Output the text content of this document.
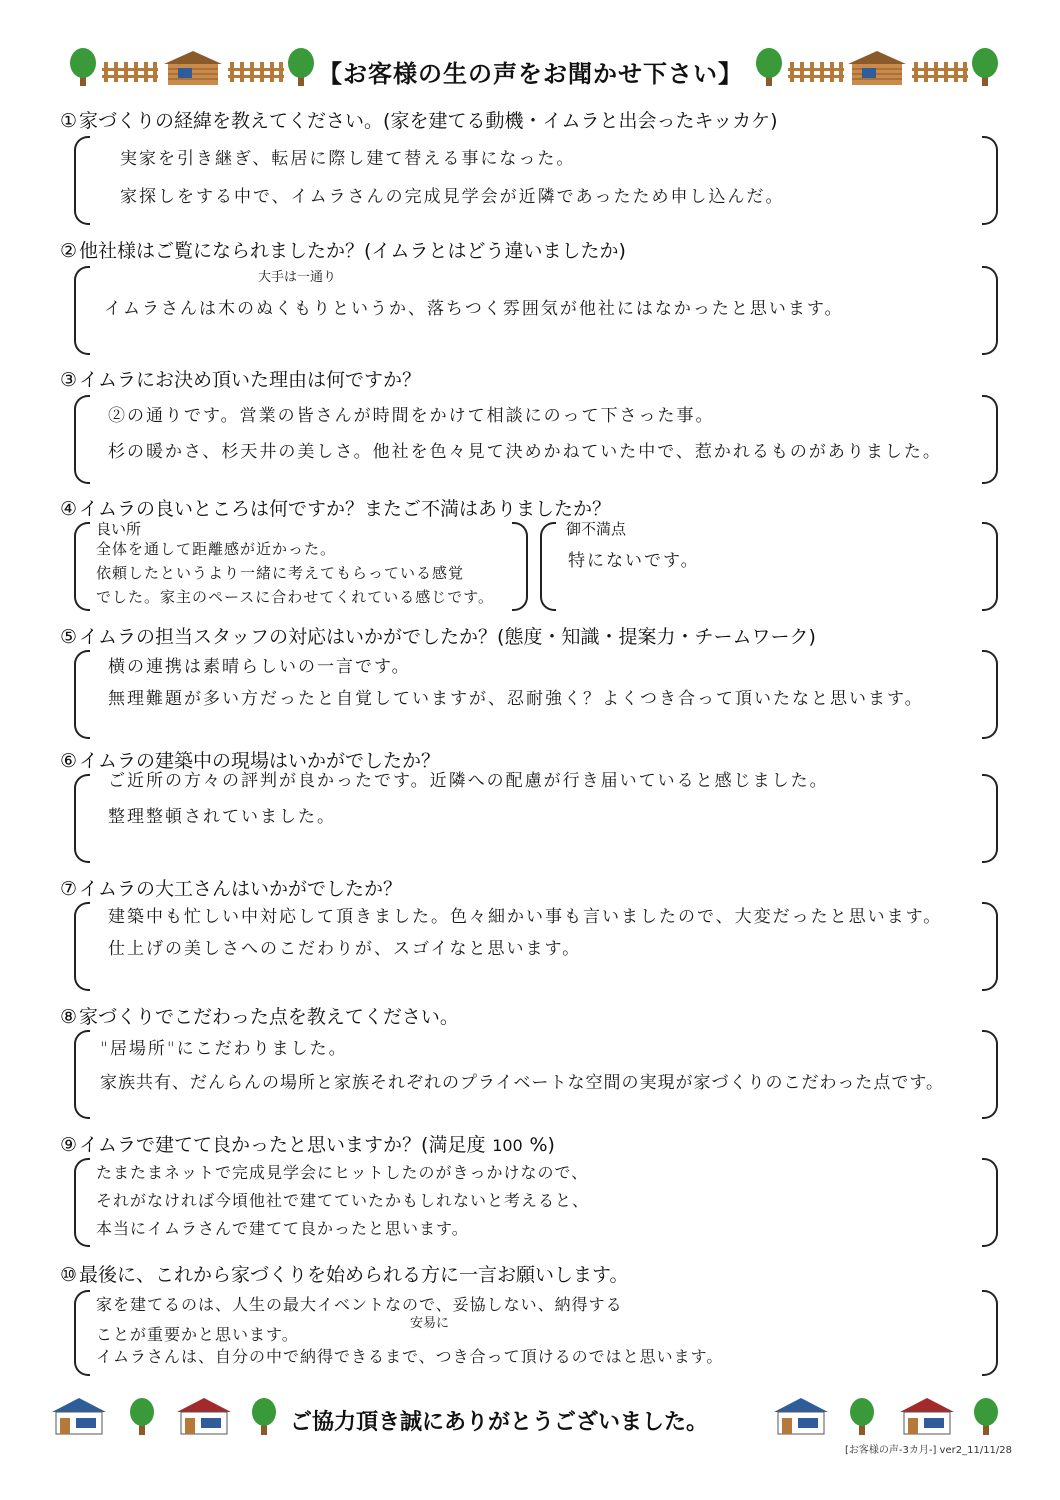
【お客様の生の声をお聞かせ下さい】
① 家づくりの経緯を教えてください。(家を建てる動機・イムラと出会ったキッカケ)
実家を引き継ぎ、転居に際し建て替える事になった。
家探しをする中で、イムラさんの完成見学会が近隣であったため申し込んだ。
② 他社様はご覧になられましたか？(イムラとはどう違いましたか)
大手は一通り
イムラさんは木のぬくもりというか、落ちつく雰囲気が他社にはなかったと思います。
③ イムラにお決め頂いた理由は何ですか？
②の通りです。営業の皆さんが時間をかけて相談にのって下さった事。
杉の暖かさ、杉天井の美しさ。他社を色々見て決めかねていた中で、惹かれるものがありました。
④ イムラの良いところは何ですか？またご不満はありましたか？
良い所
全体を通して距離感が近かった。
依頼したというより一緒に考えてもらっている感覚
でした。家主のペースに合わせてくれている感じです。
御不満点
特にないです。
⑤ イムラの担当スタッフの対応はいかがでしたか？(態度・知識・提案力・チームワーク)
横の連携は素晴らしいの一言です。
無理難題が多い方だったと自覚していますが、忍耐強く？よくつき合って頂いたなと思います。
⑥ イムラの建築中の現場はいかがでしたか？
ご近所の方々の評判が良かったです。近隣への配慮が行き届いていると感じました。
整理整頓されていました。
⑦ イムラの大工さんはいかがでしたか？
建築中も忙しい中対応して頂きました。色々細かい事も言いましたので、大変だったと思います。
仕上げの美しさへのこだわりが、スゴイなと思います。
⑧ 家づくりでこだわった点を教えてください。
"居場所"にこだわりました。
家族共有、だんらんの場所と家族それぞれのプライベートな空間の実現が家づくりのこだわった点です。
⑨ イムラで建てて良かったと思いますか？(満足度 100 %)
たまたまネットで完成見学会にヒットしたのがきっかけなので、
それがなければ今頃他社で建てていたかもしれないと考えると、
本当にイムラさんで建てて良かったと思います。
⑩ 最後に、これから家づくりを始められる方に一言お願いします。
家を建てるのは、人生の最大イベントなので、妥協しない、納得する
安易に
ことが重要かと思います。
イムラさんは、自分の中で納得できるまで、つき合って頂けるのではと思います。
ご協力頂き誠にありがとうございました。
[お客様の声-3カ月-] ver2_11/11/28
